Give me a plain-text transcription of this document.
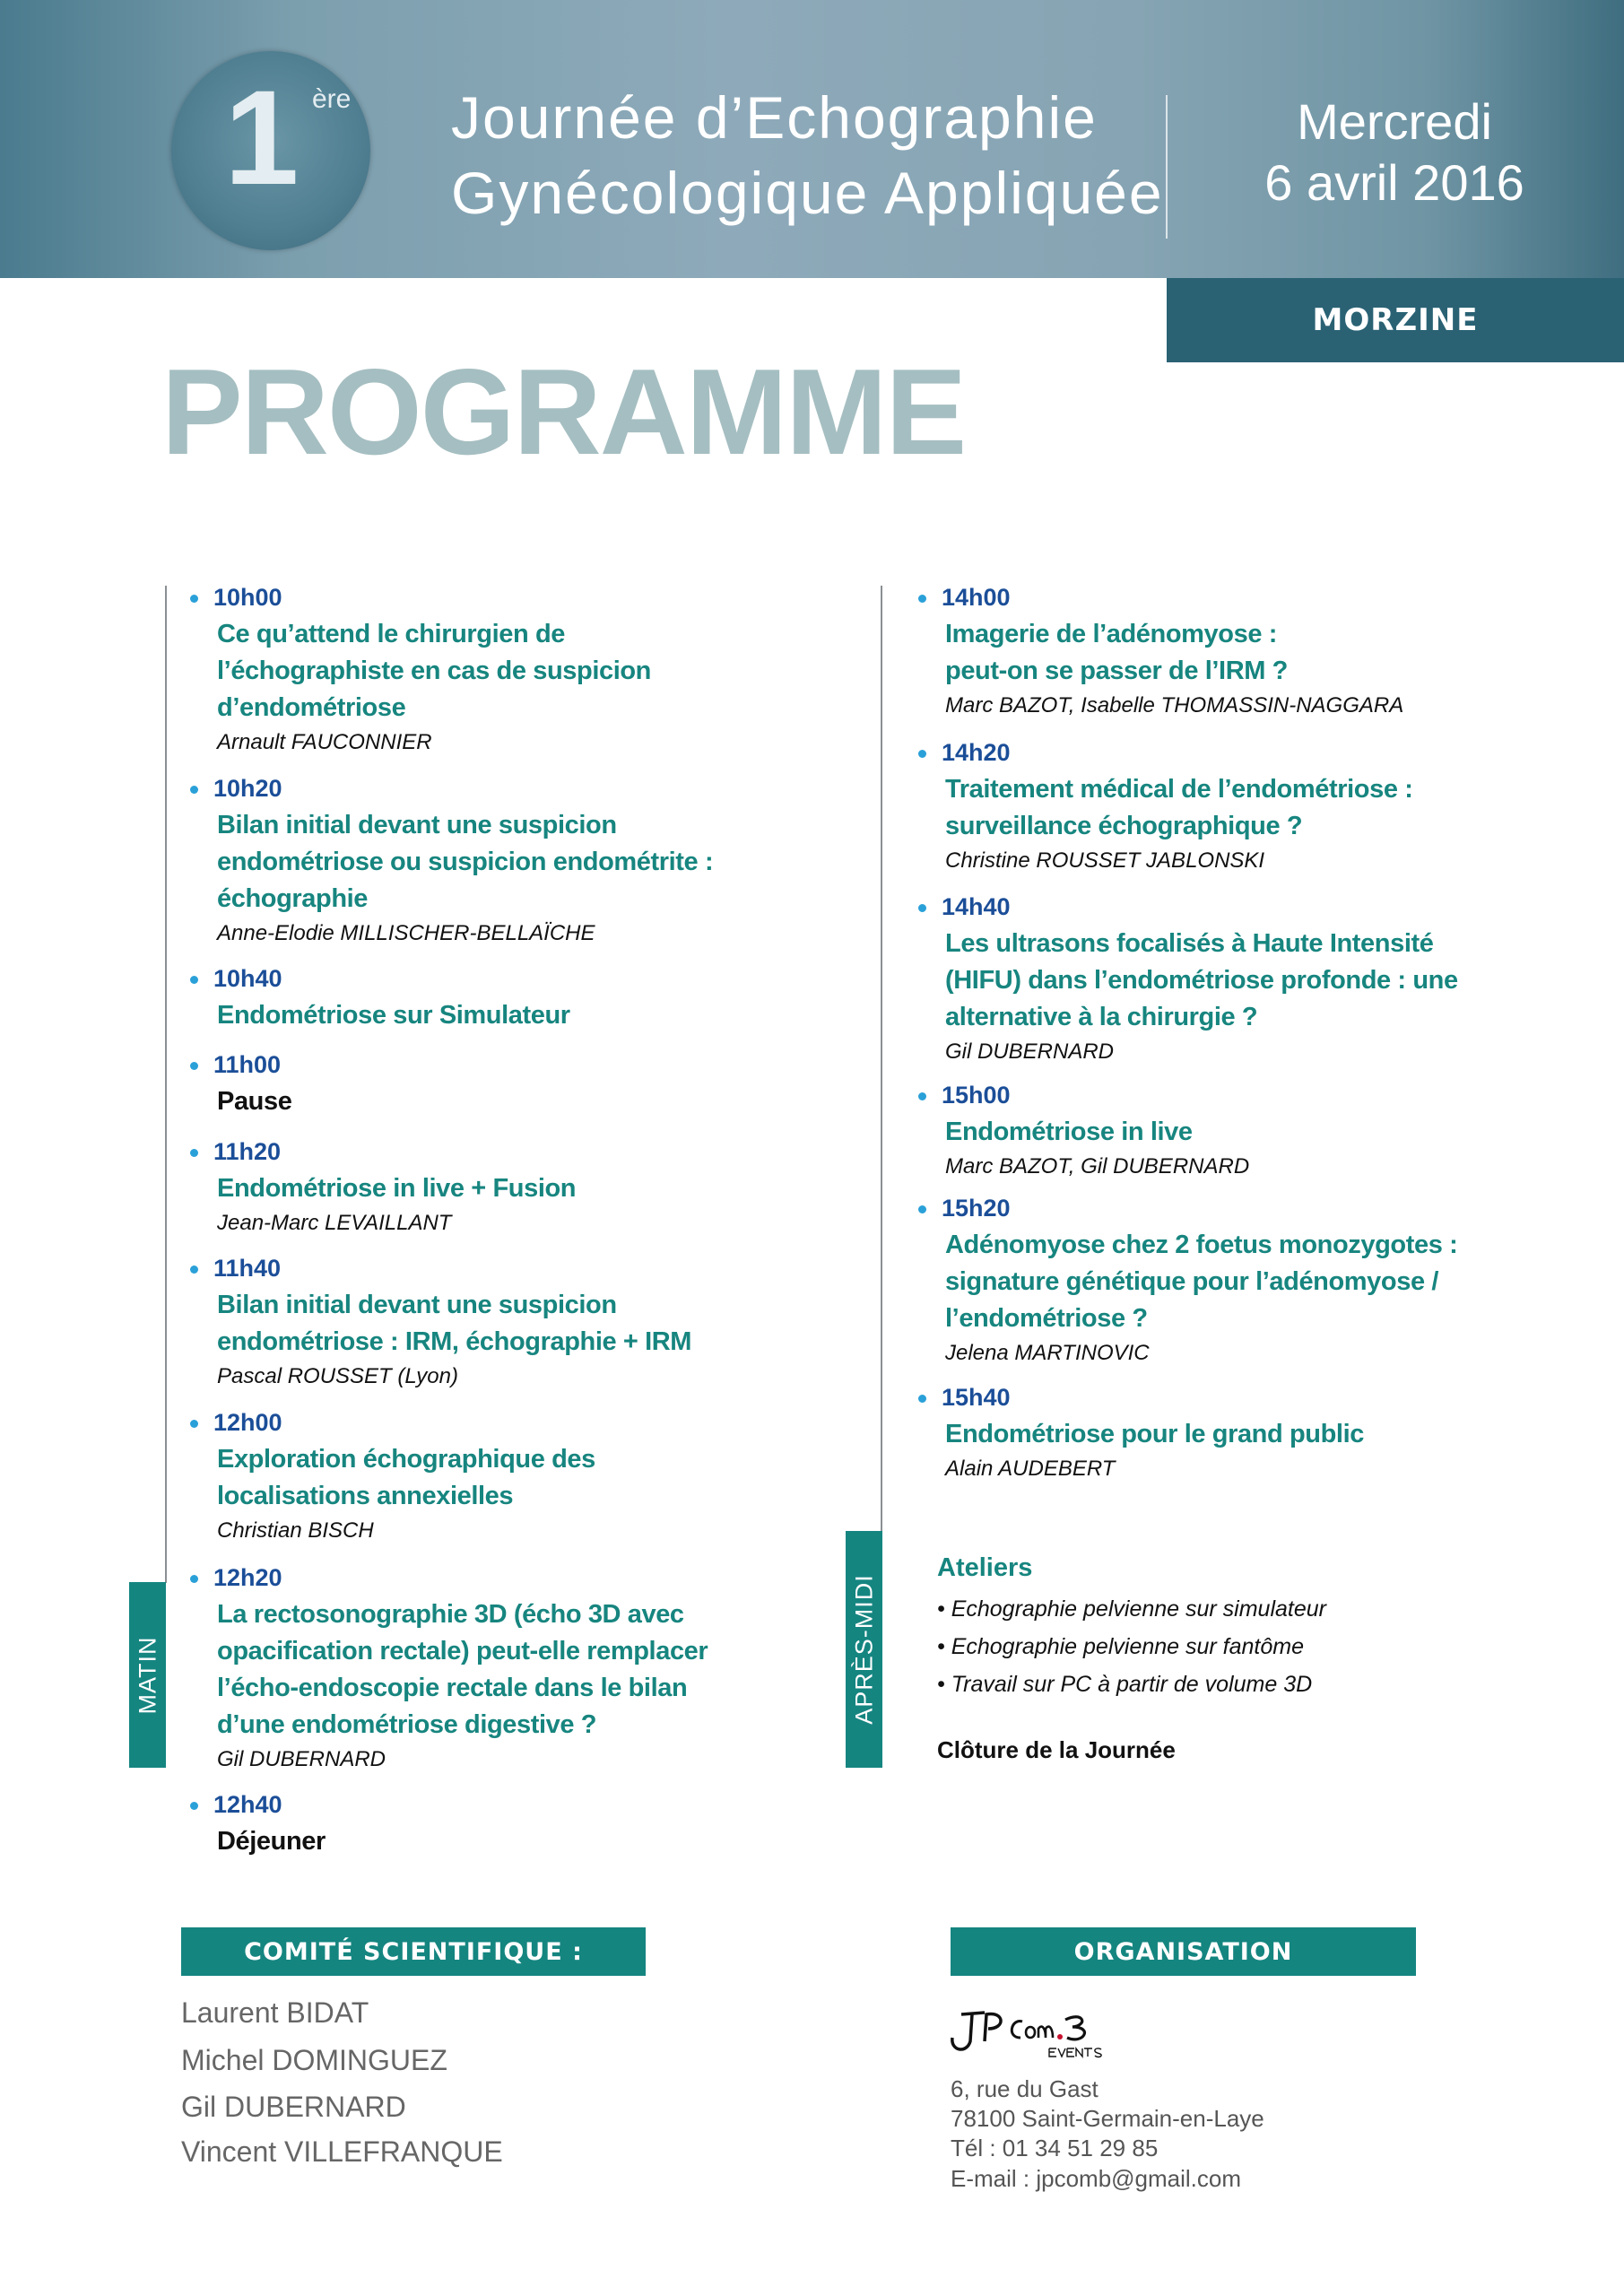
1 ère Journée d’Echographie
Gynécologique Appliquée
Mercredi
6 avril 2016
MORZINE
PROGRAMME
MATIN	APRÈS-MIDI
10h00
Ce qu’attend le chirurgien de
l’échographiste en cas de suspicion
d’endométriose
Arnault FAUCONNIER
10h20
Bilan initial devant une suspicion
endométriose ou suspicion endométrite :
échographie
Anne-Elodie MILLISCHER-BELLAÏCHE
10h40
Endométriose sur Simulateur
11h00
Pause
11h20
Endométriose in live + Fusion
Jean-Marc LEVAILLANT
11h40
Bilan initial devant une suspicion
endométriose : IRM, échographie + IRM
Pascal ROUSSET (Lyon)
12h00
Exploration échographique des
localisations annexielles
Christian BISCH
12h20
La rectosonographie 3D (écho 3D avec
opacification rectale) peut-elle remplacer
l’écho-endoscopie rectale dans le bilan
d’une endométriose digestive ?
Gil DUBERNARD
12h40
Déjeuner
14h00
Imagerie de l’adénomyose :
peut-on se passer de l’IRM ?
Marc BAZOT, Isabelle THOMASSIN-NAGGARA
14h20
Traitement médical de l’endométriose :
surveillance échographique ?
Christine ROUSSET JABLONSKI
14h40
Les ultrasons focalisés à Haute Intensité
(HIFU) dans l’endométriose profonde : une
alternative à la chirurgie ?
Gil DUBERNARD
15h00
Endométriose in live
Marc BAZOT, Gil DUBERNARD
15h20
Adénomyose chez 2 foetus monozygotes :
signature génétique pour l’adénomyose /
l’endométriose ?
Jelena MARTINOVIC
15h40
Endométriose pour le grand public
Alain AUDEBERT
Ateliers
• Echographie pelvienne sur simulateur
• Echographie pelvienne sur fantôme
• Travail sur PC à partir de volume 3D
Clôture de la Journée
COMITÉ SCIENTIFIQUE :
Laurent BIDAT
Michel DOMINGUEZ
Gil DUBERNARD
Vincent VILLEFRANQUE
ORGANISATION
6, rue du Gast
78100 Saint-Germain-en-Laye
Tél : 01 34 51 29 85
E-mail : jpcomb@gmail.com
